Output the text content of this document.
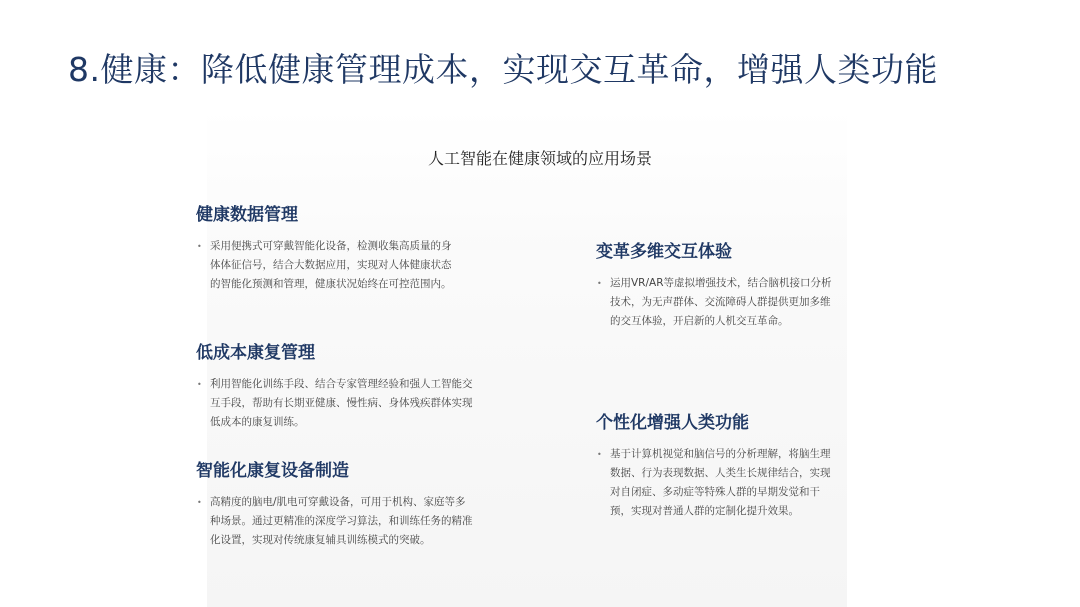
8.健康：降低健康管理成本，实现交互革命，增强人类功能
人工智能在健康领域的应用场景
健康数据管理
• 采用便携式可穿戴智能化设备，检测收集高质量的身
体体征信号，结合大数据应用，实现对人体健康状态
的智能化预测和管理，健康状况始终在可控范围内。
变革多维交互体验
• 运用VR/AR等虚拟增强技术，结合脑机接口分析
技术，为无声群体、交流障碍人群提供更加多维
的交互体验，开启新的人机交互革命。
低成本康复管理
• 利用智能化训练手段、结合专家管理经验和强人工智能交
互手段，帮助有长期亚健康、慢性病、身体残疾群体实现
低成本的康复训练。	个性化增强人类功能
• 基于计算机视觉和脑信号的分析理解，将脑生理
数据、行为表现数据、人类生长规律结合，实现
对自闭症、多动症等特殊人群的早期发觉和干
预，实现对普通人群的定制化提升效果。
智能化康复设备制造
• 高精度的脑电/肌电可穿戴设备，可用于机构、家庭等多
种场景。通过更精准的深度学习算法，和训练任务的精准
化设置，实现对传统康复辅具训练模式的突破。
